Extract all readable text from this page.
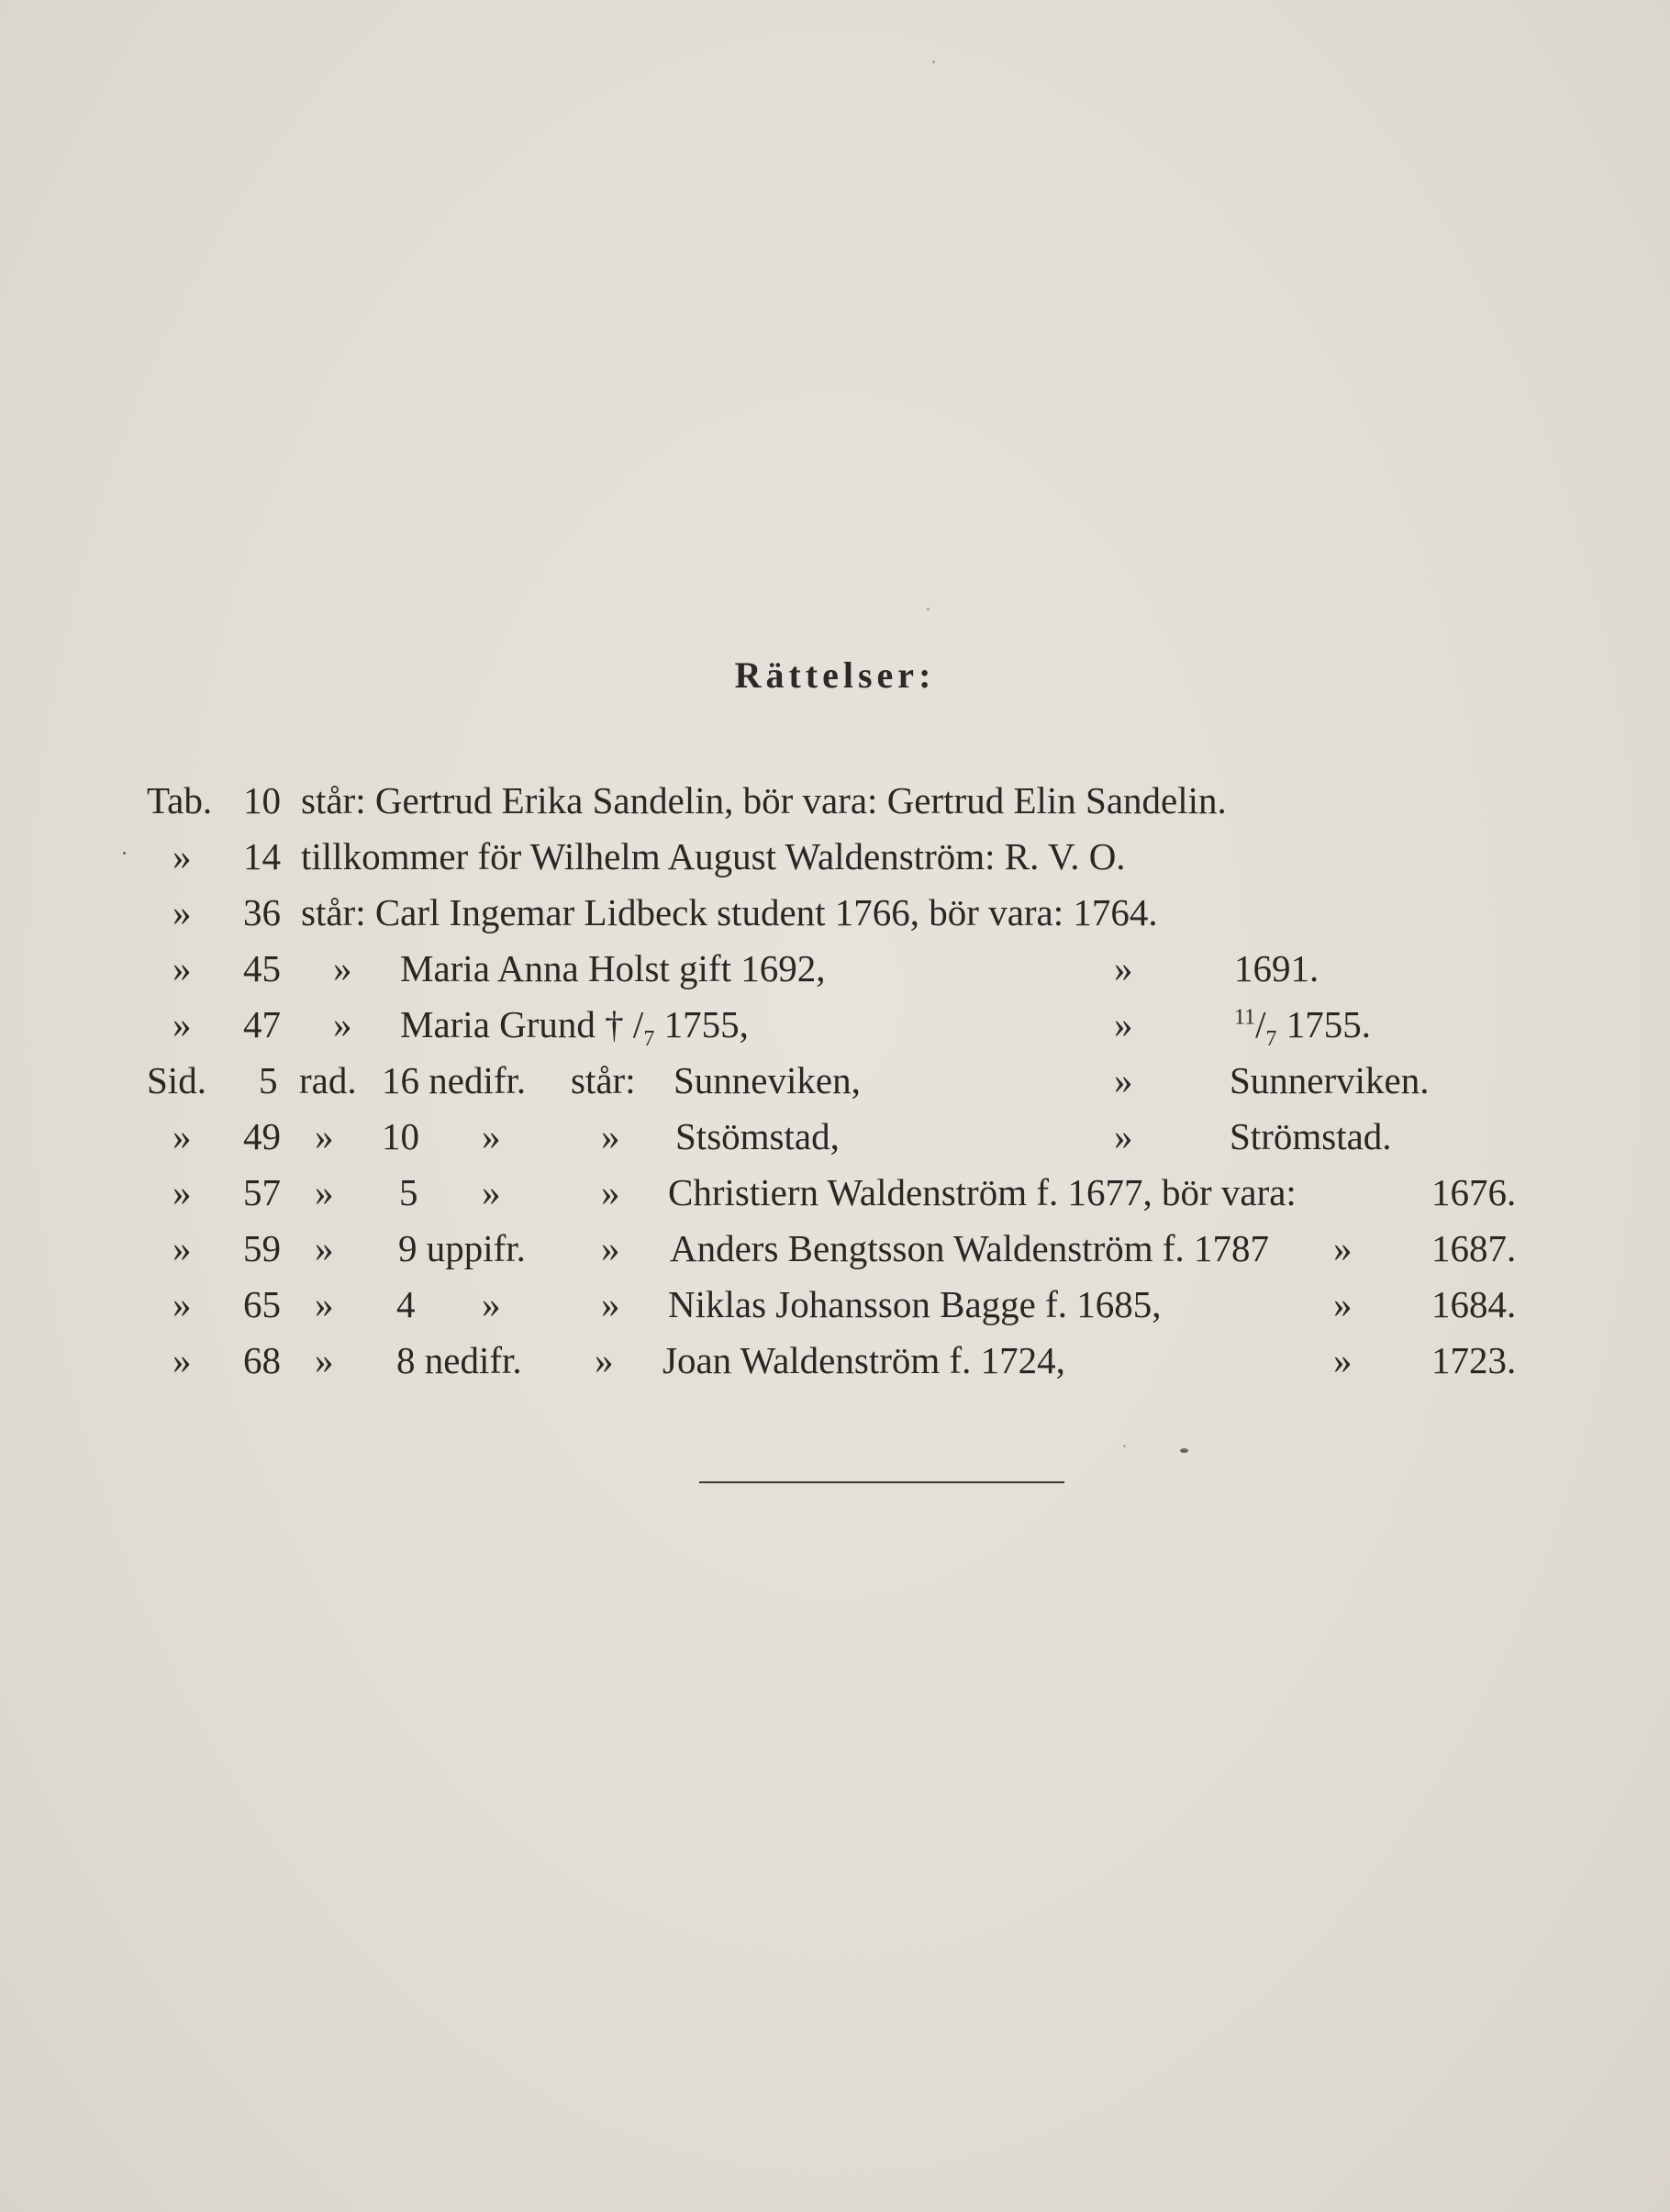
Rättelser:
Tab. 10 står: Gertrud Erika Sandelin, bör vara: Gertrud Elin Sandelin.
» 14 tillkommer för Wilhelm August Waldenström: R. V. O.
» 36 står: Carl Ingemar Lidbeck student 1766, bör vara: 1764.
» 45 » Maria Anna Holst gift 1692,	»	1691.
» 47 » Maria Grund † $/_7$ 1755,	»	$^{11}/_7$ 1755.
Sid. 5 rad. 16 nedifr. står: Sunneviken,	»	Sunnerviken.
» 49 » 10 »	» Stsömstad,	»	Strömstad.
» 57 » 5 »	» Christiern Waldenström f. 1677, bör vara:	1676.
» 59 » 9 uppifr. » Anders Bengtsson Waldenström f. 1787 » 1687.
» 65 » 4 »	» Niklas Johansson Bagge f. 1685,	» 1684.
» 68 » 8 nedifr. » Joan Waldenström f. 1724,	» 1723.
